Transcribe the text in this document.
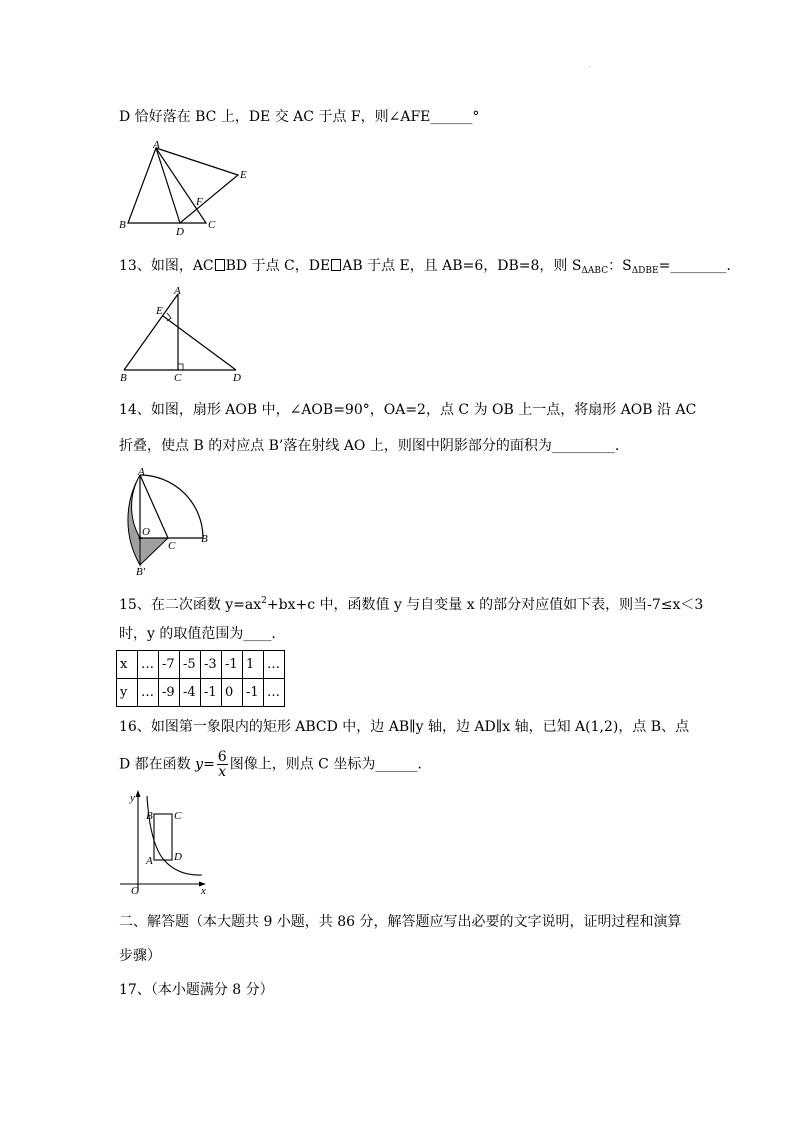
.
D 恰好落在 BC 上，DE 交 AC 于点 F，则∠AFE______°
A
B	C
D
E
F
13、如图，AC BD 于点 C，DE AB 于点 E，且 AB=6，DB=8，则 $S_{\Delta ABC}$：$S_{\Delta DBE}=\_\_\_\_\_\_\_\_$.
A
E
B	C	D
14、如图，扇形 AOB 中，∠AOB=90°，OA=2，点 C 为 OB 上一点，将扇形 AOB 沿 AC
折叠，使点 B 的对应点 B’落在射线 AO 上，则图中阴影部分的面积为_________.
A
O
C
B
B′
15、在二次函数 $y=ax^2+bx+c$ 中，函数值 y 与自变量 x 的部分对应值如下表，则当-7≤x＜3
时，y 的取值范围为____.
x	…	-7	-5	-3	-1	1	…
y	…	-9	-4	-1	0	-1	…
16、如图第一象限内的矩形 ABCD 中，边 AB∥y 轴，边 AD∥x 轴，已知 A(1,2)，点 B、点
D 都在函数 $y= \frac{6}{x}$ 图像上，则点 C 坐标为______.
y
x
O
A
B C
D
二、解答题（本大题共 9 小题，共 86 分，解答题应写出必要的文字说明，证明过程和演算
步骤）
17、（本小题满分 8 分）
